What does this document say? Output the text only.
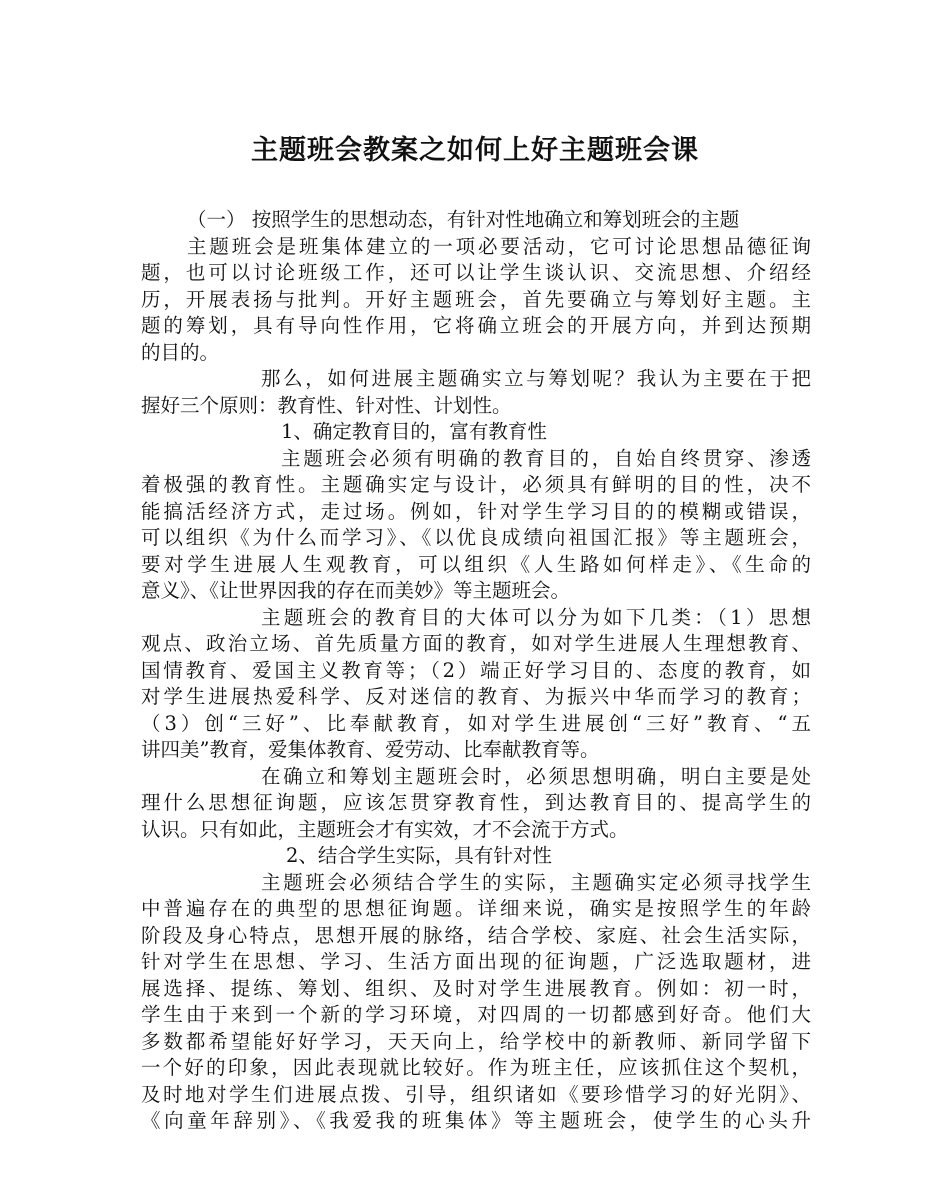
主题班会教案之如何上好主题班会课
（一） 按照学生的思想动态，有针对性地确立和筹划班会的主题
主题班会是班集体建立的一项必要活动，它可讨论思想品德征询
题，也可以讨论班级工作，还可以让学生谈认识、交流思想、介绍经
历，开展表扬与批判。开好主题班会，首先要确立与筹划好主题。主
题的筹划，具有导向性作用，它将确立班会的开展方向，并到达预期
的目的。
那么，如何进展主题确实立与筹划呢？我认为主要在于把
握好三个原则：教育性、针对性、计划性。
1、确定教育目的，富有教育性
主题班会必须有明确的教育目的，自始自终贯穿、渗透
着极强的教育性。主题确实定与设计，必须具有鲜明的目的性，决不
能搞活经济方式，走过场。例如，针对学生学习目的的模糊或错误，
可以组织《为什么而学习》、《以优良成绩向祖国汇报》等主题班会，
要对学生进展人生观教育，可以组织《人生路如何样走》、《生命的
意义》、《让世界因我的存在而美妙》等主题班会。
主题班会的教育目的大体可以分为如下几类：（1）思想
观点、政治立场、首先质量方面的教育，如对学生进展人生理想教育、
国情教育、爱国主义教育等；（2）端正好学习目的、态度的教育，如
对学生进展热爱科学、反对迷信的教育、为振兴中华而学习的教育；
（3）创“三好”、比奉献教育，如对学生进展创“三好”教育、“五
讲四美”教育，爱集体教育、爱劳动、比奉献教育等。
在确立和筹划主题班会时，必须思想明确，明白主要是处
理什么思想征询题，应该怎贯穿教育性，到达教育目的、提高学生的
认识。只有如此，主题班会才有实效，才不会流于方式。
2、结合学生实际，具有针对性
主题班会必须结合学生的实际，主题确实定必须寻找学生
中普遍存在的典型的思想征询题。详细来说，确实是按照学生的年龄
阶段及身心特点，思想开展的脉络，结合学校、家庭、社会生活实际，
针对学生在思想、学习、生活方面出现的征询题，广泛选取题材，进
展选择、提练、筹划、组织、及时对学生进展教育。例如：初一时，
学生由于来到一个新的学习环境，对四周的一切都感到好奇。他们大
多数都希望能好好学习，天天向上，给学校中的新教师、新同学留下
一个好的印象，因此表现就比较好。作为班主任，应该抓住这个契机，
及时地对学生们进展点拨、引导，组织诸如《要珍惜学习的好光阴》、
《向童年辞别》、《我爱我的班集体》等主题班会，使学生的心头升
